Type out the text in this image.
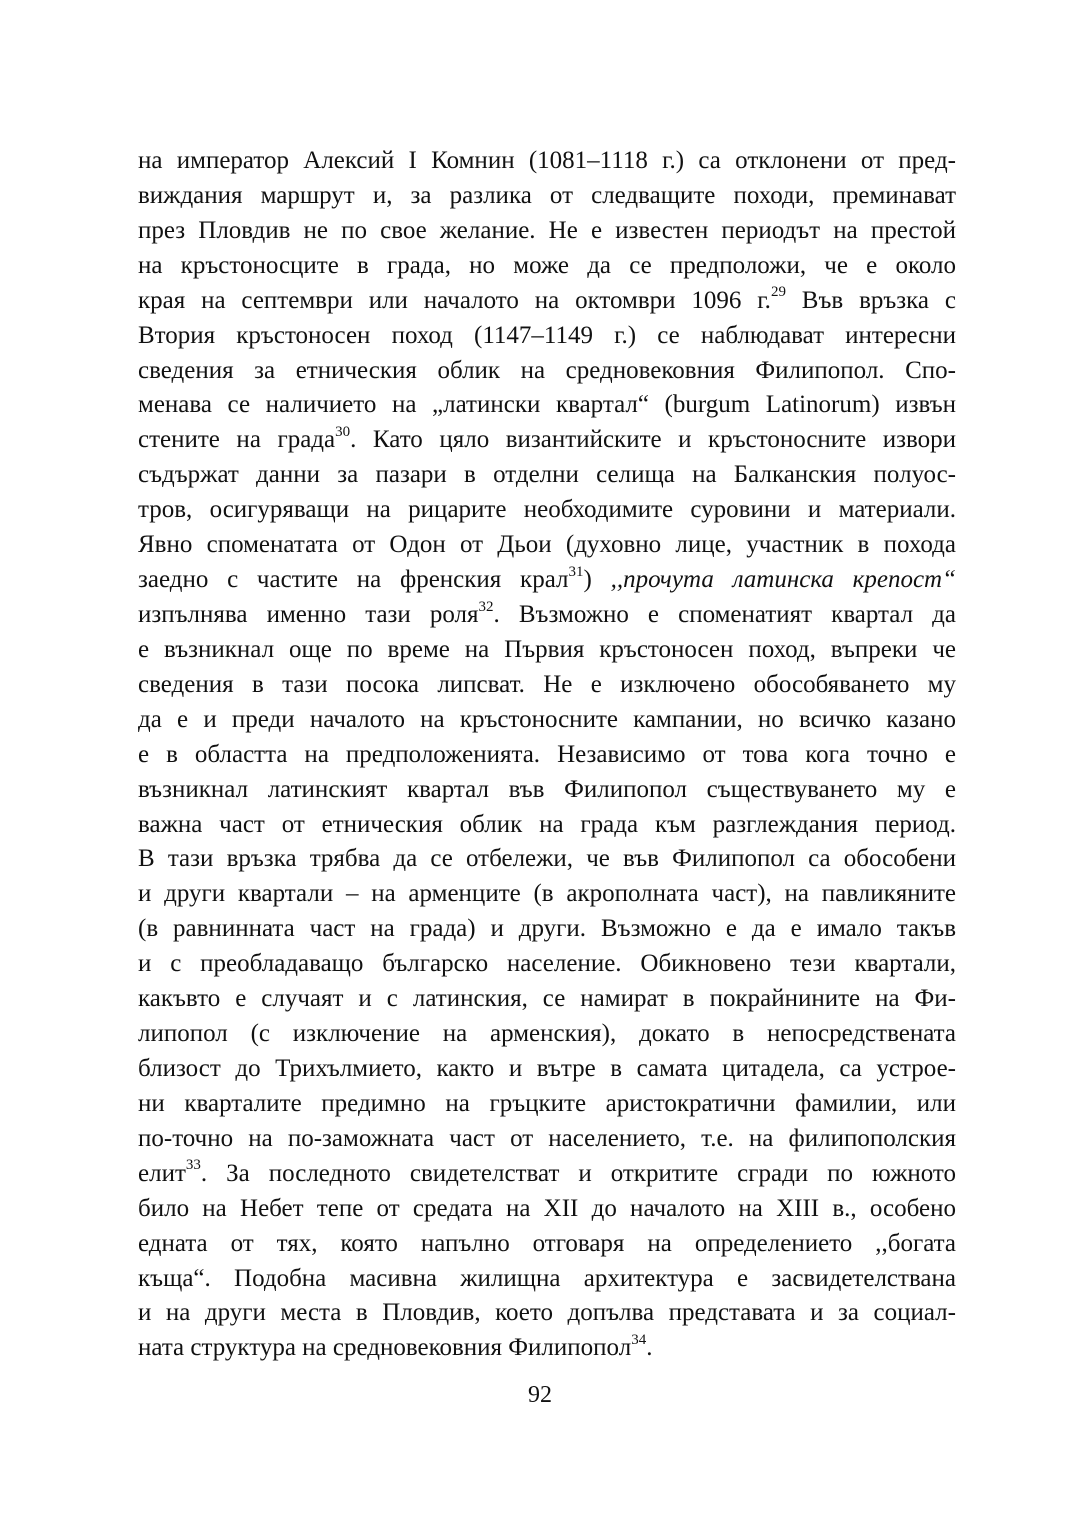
на император Алексий I Комнин (1081–1118 г.) са отклонени от пред-
виждания маршрут и, за разлика от следващите походи, преминават
през Пловдив не по свое желание. Не е известен периодът на престой
на кръстоносците в града, но може да се предположи, че е около
края на септември или началото на октомври 1096 г.$^{29}$ Във връзка с
Втория кръстоносен поход (1147–1149 г.) се наблюдават интересни
сведения за етническия облик на средновековния Филипопол. Спо-
менава се наличието на „латински квартал“ (burgum Latinorum) извън
стените на града$^{30}$. Като цяло византийските и кръстоносните извори
съдържат данни за пазари в отделни селища на Балканския полуос-
тров, осигуряващи на рицарите необходимите суровини и материали.
Явно споменатата от Одон от Дьои (духовно лице, участник в похода
заедно с частите на френския крал$^{31}$) ,,прочута латинска крепост“
изпълнява именно тази роля$^{32}$. Възможно е споменатият квартал да
е възникнал още по време на Първия кръстоносен поход, въпреки че
сведения в тази посока липсват. Не е изключено обособяването му
да е и преди началото на кръстоносните кампании, но всичко казано
е в областта на предположенията. Независимо от това кога точно е
възникнал латинският квартал във Филипопол съществуването му е
важна част от етническия облик на града към разглеждания период.
В тази връзка трябва да се отбележи, че във Филипопол са обособени
и други квартали – на арменците (в акрополната част), на павликяните
(в равнинната част на града) и други. Възможно е да е имало такъв
и с преобладаващо българско население. Обикновено тези квартали,
какъвто е случаят и с латинския, се намират в покрайнините на Фи-
липопол (с изключение на арменския), докато в непосредствената
близост до Трихълмието, както и вътре в самата цитадела, са устрое-
ни кварталите предимно на гръцките аристократични фамилии, или
по-точно на по-заможната част от населението, т.е. на филипополския
елит$^{33}$. За последното свидетелстват и откритите сгради по южното
било на Небет тепе от средата на XII до началото на XIII в., особено
едната от тях, която напълно отговаря на определението ,,богата
къща“. Подобна масивна жилищна архитектура е засвидетелствана
и на други места в Пловдив, което допълва представата и за социал-
ната структура на средновековния Филипопол$^{34}$.
92
